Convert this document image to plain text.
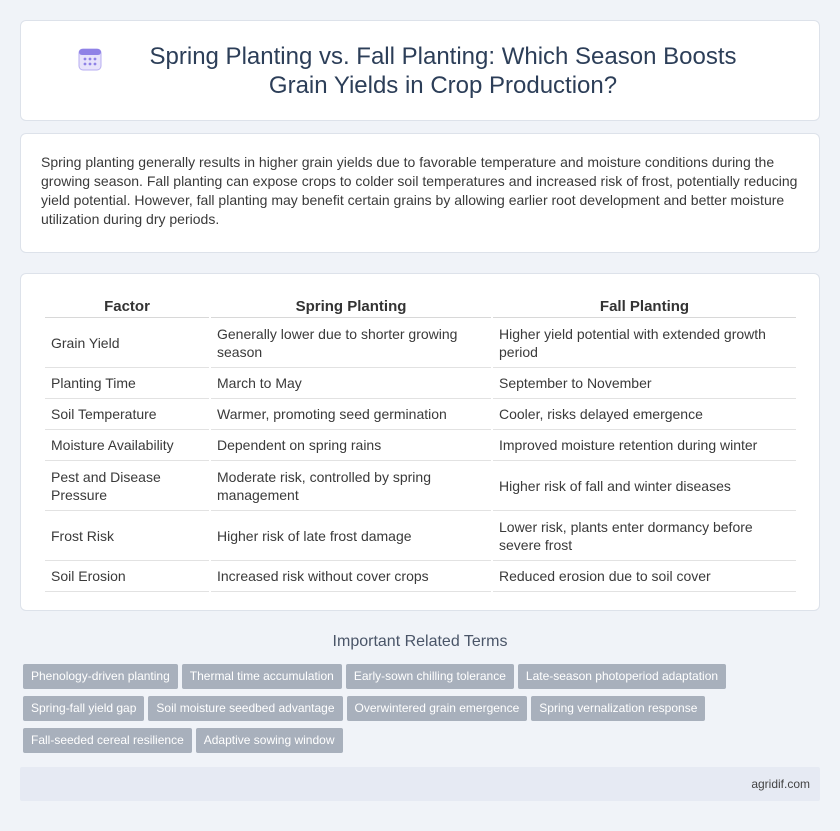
Spring Planting vs. Fall Planting: Which Season Boosts Grain Yields in Crop Production?

Spring planting generally results in higher grain yields due to favorable temperature and moisture conditions during the growing season. Fall planting can expose crops to colder soil temperatures and increased risk of frost, potentially reducing yield potential. However, fall planting may benefit certain grains by allowing earlier root development and better moisture utilization during dry periods.

Factor	Spring Planting	Fall Planting
Grain Yield	Generally lower due to shorter growing season	Higher yield potential with extended growth period
Planting Time	March to May	September to November
Soil Temperature	Warmer, promoting seed germination	Cooler, risks delayed emergence
Moisture Availability	Dependent on spring rains	Improved moisture retention during winter
Pest and Disease Pressure	Moderate risk, controlled by spring management	Higher risk of fall and winter diseases
Frost Risk	Higher risk of late frost damage	Lower risk, plants enter dormancy before severe frost
Soil Erosion	Increased risk without cover crops	Reduced erosion due to soil cover
Important Related Terms
Phenology-driven planting Thermal time accumulation Early-sown chilling tolerance Late-season photoperiod adaptation
Spring-fall yield gap Soil moisture seedbed advantage Overwintered grain emergence Spring vernalization response
Fall-seeded cereal resilience Adaptive sowing window
agridif.com
